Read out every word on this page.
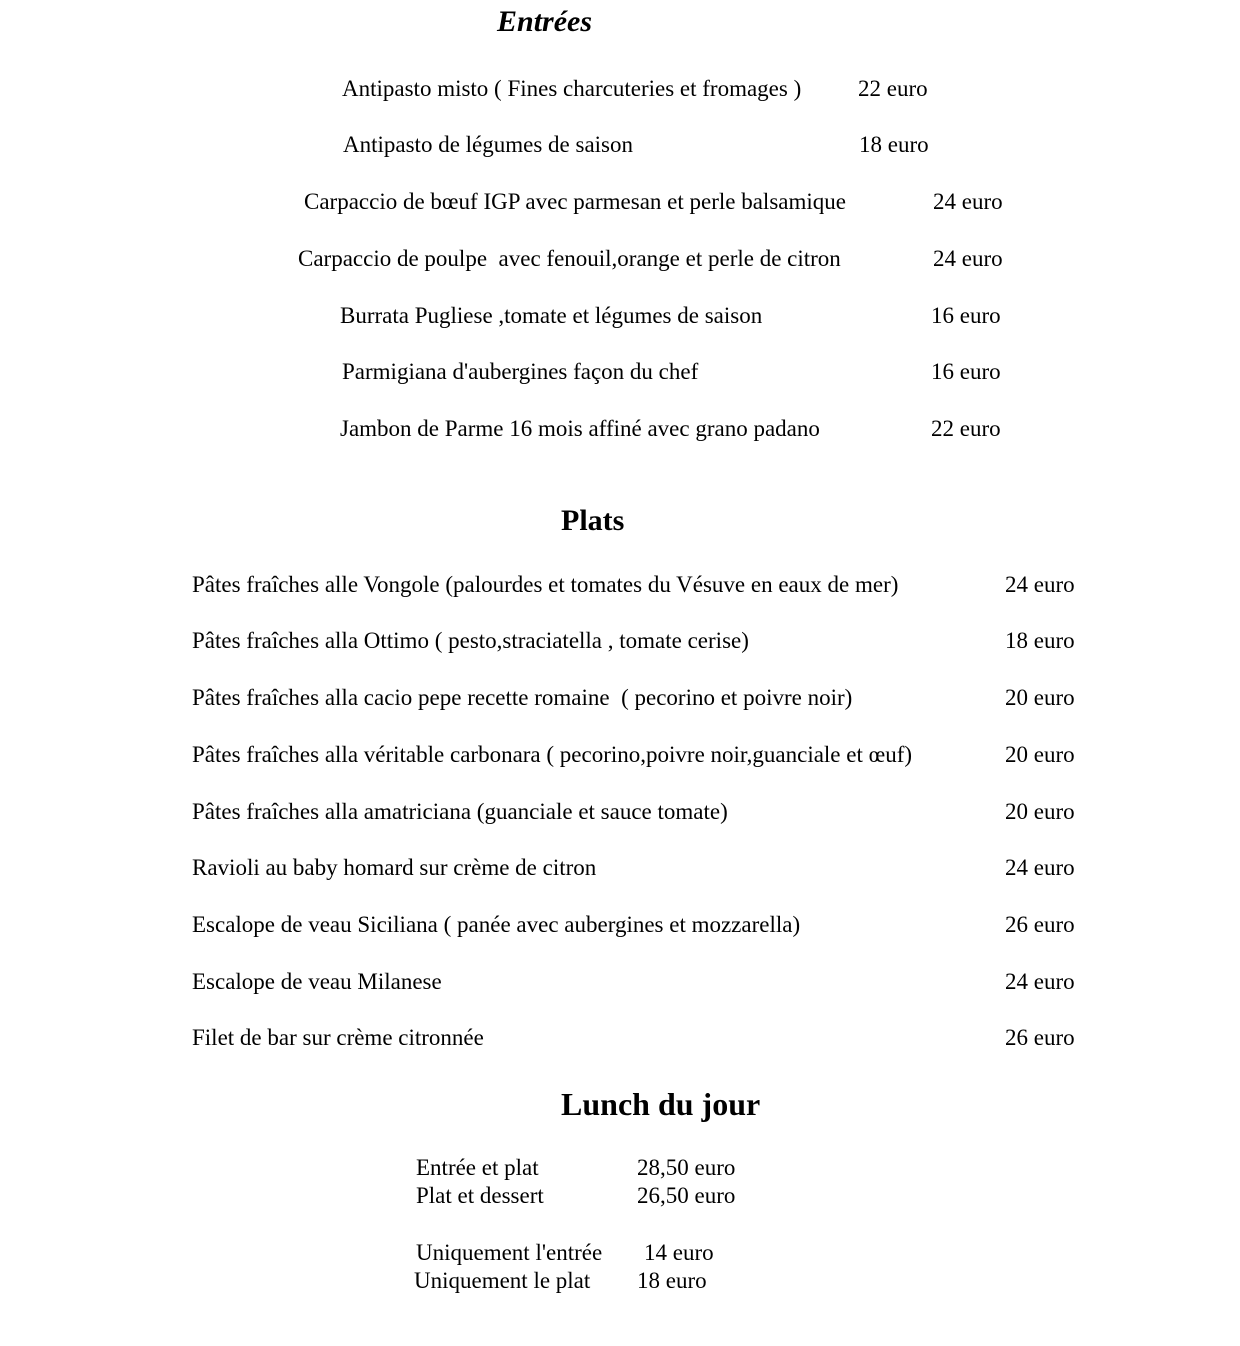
Entrées
Antipasto misto ( Fines charcuteries et fromages ) 22 euro
Antipasto de légumes de saison	18 euro
Carpaccio de bœuf IGP avec parmesan et perle balsamique	24 euro
Carpaccio de poulpe  avec fenouil,orange et perle de citron	24 euro
Burrata Pugliese ,tomate et légumes de saison	16 euro
Parmigiana d'aubergines façon du chef	16 euro
Jambon de Parme 16 mois affiné avec grano padano	22 euro
Plats
Pâtes fraîches alle Vongole (palourdes et tomates du Vésuve en eaux de mer)	24 euro
Pâtes fraîches alla Ottimo ( pesto,straciatella , tomate cerise)	18 euro
Pâtes fraîches alla cacio pepe recette romaine  ( pecorino et poivre noir)	20 euro
Pâtes fraîches alla véritable carbonara ( pecorino,poivre noir,guanciale et œuf)	20 euro
Pâtes fraîches alla amatriciana (guanciale et sauce tomate)	20 euro
Ravioli au baby homard sur crème de citron	24 euro
Escalope de veau Siciliana ( panée avec aubergines et mozzarella)	26 euro
Escalope de veau Milanese	24 euro
Filet de bar sur crème citronnée	26 euro
Lunch du jour
Entrée et plat	28,50 euro
Plat et dessert	26,50 euro
Uniquement l'entrée 14 euro
Uniquement le plat 18 euro
